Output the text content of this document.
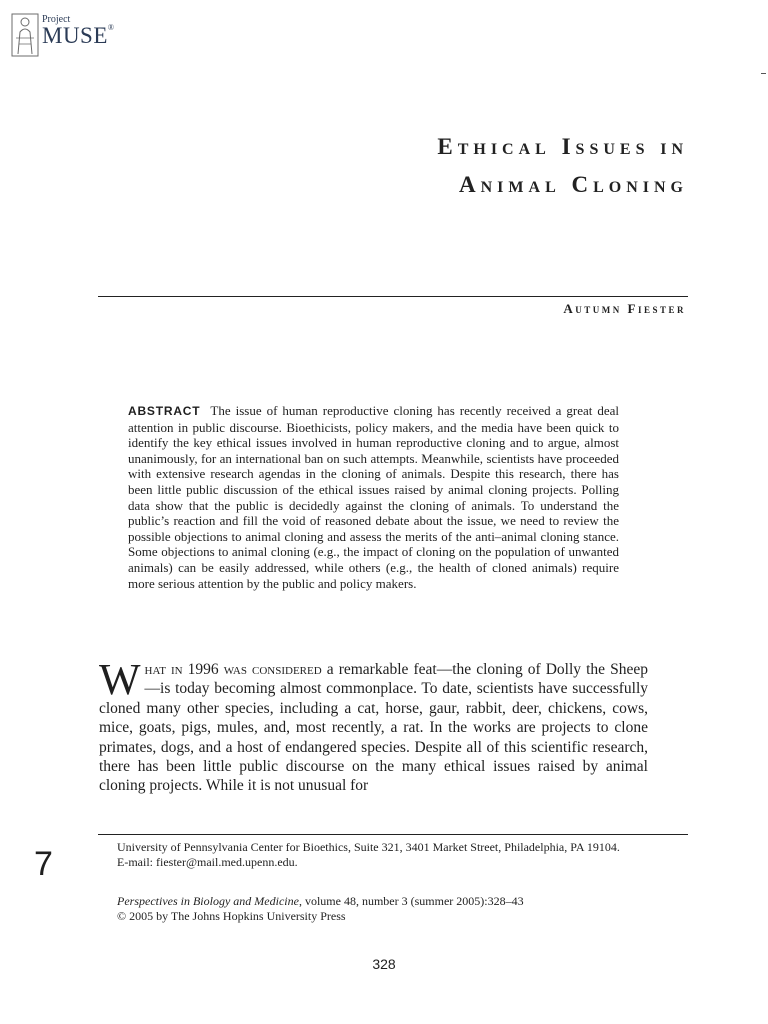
Project
MUSE®
Ethical Issues in
Animal Cloning
Autumn Fiester

ABSTRACT The issue of human reproductive cloning has recently received a great deal attention in public discourse. Bioethicists, policy makers, and the media have been quick to identify the key ethical issues involved in human reproductive cloning and to argue, almost unanimously, for an international ban on such attempts. Meanwhile, scientists have proceeded with extensive research agendas in the cloning of animals. Despite this research, there has been little public discussion of the ethical issues raised by animal cloning projects. Polling data show that the public is decidedly against the cloning of animals. To understand the public’s reaction and fill the void of reasoned debate about the issue, we need to review the possible objections to animal cloning and assess the merits of the anti–animal cloning stance. Some objections to animal cloning (e.g., the impact of cloning on the population of unwanted animals) can be easily addressed, while others (e.g., the health of cloned animals) require more serious attention by the public and policy makers.

What in 1996 was considered a remarkable feat—the cloning of Dolly the Sheep—is today becoming almost commonplace. To date, scientists have successfully cloned many other species, including a cat, horse, gaur, rabbit, deer, chickens, cows, mice, goats, pigs, mules, and, most recently, a rat. In the works are projects to clone primates, dogs, and a host of endangered species. Despite all of this scientific research, there has been little public discourse on the many ethical issues raised by animal cloning projects. While it is not unusual for

University of Pennsylvania Center for Bioethics, Suite 321, 3401 Market Street, Philadelphia, PA 19104.
E-mail: fiester@mail.med.upenn.edu.
Perspectives in Biology and Medicine, volume 48, number 3 (summer 2005):328–43
© 2005 by The Johns Hopkins University Press
328
7
